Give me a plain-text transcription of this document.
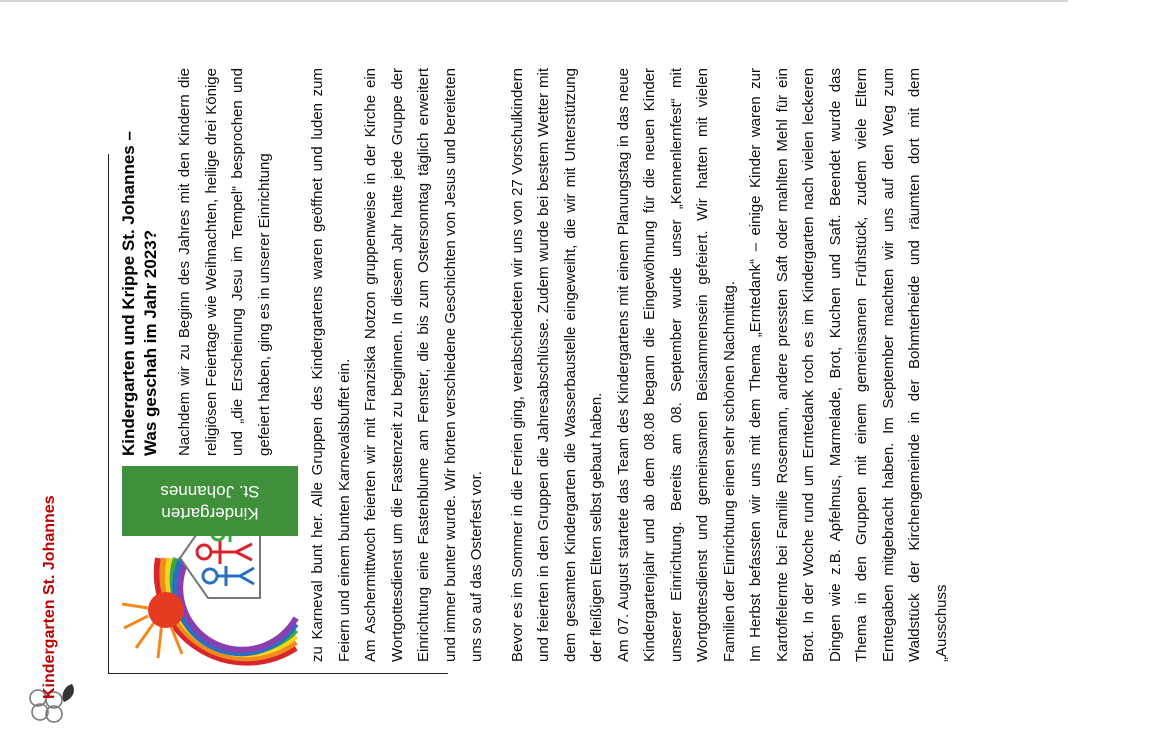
Kindergarten St. Johannes	Kindergarten
St. Johannes
Kindergarten und Krippe St. Johannes – Was geschah im Jahr 2023? Nachdem wir zu Beginn des Jahres mit den Kindern die religiösen Feiertage wie Weihnachten, heilige drei Könige und „die Erscheinung Jesu im Tempel“ besprochen und gefeiert haben, ging es in unserer Einrichtung	zu Karneval bunt her. Alle Gruppen des Kindergartens waren geöffnet und luden zum Feiern und einem bunten Karnevalsbuffet ein. Am Aschermittwoch feierten wir mit Franziska Notzon gruppenweise in der Kirche ein Wortgottesdienst um die Fastenzeit zu beginnen. In diesem Jahr hatte jede Gruppe der Einrichtung eine Fastenblume am Fenster, die bis zum Ostersonntag täglich erweitert und immer bunter wurde. Wir hörten verschiedene Geschichten von Jesus und bereiteten uns so auf das Osterfest vor.	Bevor es im Sommer in die Ferien ging, verabschiedeten wir uns von 27 Vorschulkindern und feierten in den Gruppen die Jahresabschlüsse. Zudem wurde bei bestem Wetter mit dem gesamten Kindergarten die Wasserbaustelle eingeweiht, die wir mit Unterstützung der fleißigen Eltern selbst gebaut haben. Am 07. August startete das Team des Kindergartens mit einem Planungstag in das neue Kindergartenjahr und ab dem 08.08 begann die Eingewöhnung für die neuen Kinder unserer Einrichtung. Bereits am 08. September wurde unser „Kennenlernfest“ mit Wortgottesdienst und gemeinsamen Beisammensein gefeiert. Wir hatten mit vielen Familien der Einrichtung einen sehr schönen Nachmittag. Im Herbst befassten wir uns mit dem Thema „Erntedank“ – einige Kinder waren zur Kartoffelernte bei Familie Rosemann, andere pressten Saft oder mahlten Mehl für ein Brot. In der Woche rund um Erntedank roch es im Kindergarten nach vielen leckeren Dingen wie z.B. Apfelmus, Marmelade, Brot, Kuchen und Saft. Beendet wurde das Thema in den Gruppen mit einem gemeinsamen Frühstück, zudem viele Eltern Erntegaben mitgebracht haben. Im September machten wir uns auf den Weg zum Waldstück der Kirchengemeinde in der Bohmterheide und räumten dort mit dem „Ausschuss
